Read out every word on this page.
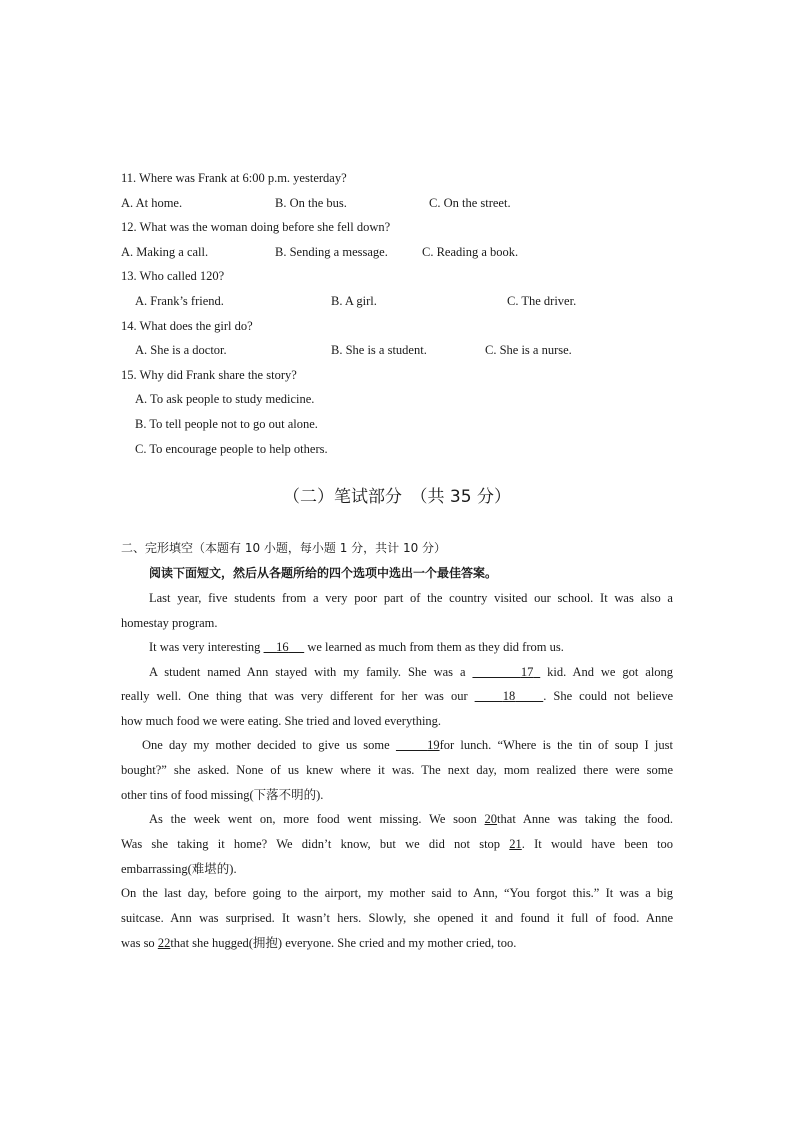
11. Where was Frank at 6:00 p.m. yesterday?
A. At home.	B. On the bus.	C. On the street.
12. What was the woman doing before she fell down?
A. Making a call.	B. Sending a message.	C. Reading a book.
13. Who called 120?
A. Frank’s friend.	B. A girl.	C. The driver.
14. What does the girl do?
A. She is a doctor.	B. She is a student.	C. She is a nurse.
15. Why did Frank share the story?
A. To ask people to study medicine.
B. To tell people not to go out alone.
C. To encourage people to help others.
（二）笔试部分　（共 35 分）
二、完形填空（本题有 10 小题，每小题 1 分，共计 10 分）
阅读下面短文，然后从各题所给的四个选项中选出一个最佳答案。
Last year, five students from a very poor part of the country visited our school. It was also a
homestay program.
It was very interesting 16 we learned as much from them as they did from us.
A student named Ann stayed with my family. She was a	17 kid. And we got along
really well. One thing that was very different for her was our	18 . She could not believe
how much food we were eating. She tried and loved everything.
One day my mother decided to give us some	19for lunch. “Where is the tin of soup I just
bought?” she asked. None of us knew where it was. The next day, mom realized there were some
other tins of food missing(下落不明的).
As the week went on, more food went missing. We soon 20that Anne was taking the food.
Was she taking it home? We didn’t know, but we did not stop 21. It would have been too
embarrassing(难堪的).
On the last day, before going to the airport, my mother said to Ann, “You forgot this.” It was a big
suitcase. Ann was surprised. It wasn’t hers. Slowly, she opened it and found it full of food. Anne
was so 22that she hugged(拥抱) everyone. She cried and my mother cried, too.
